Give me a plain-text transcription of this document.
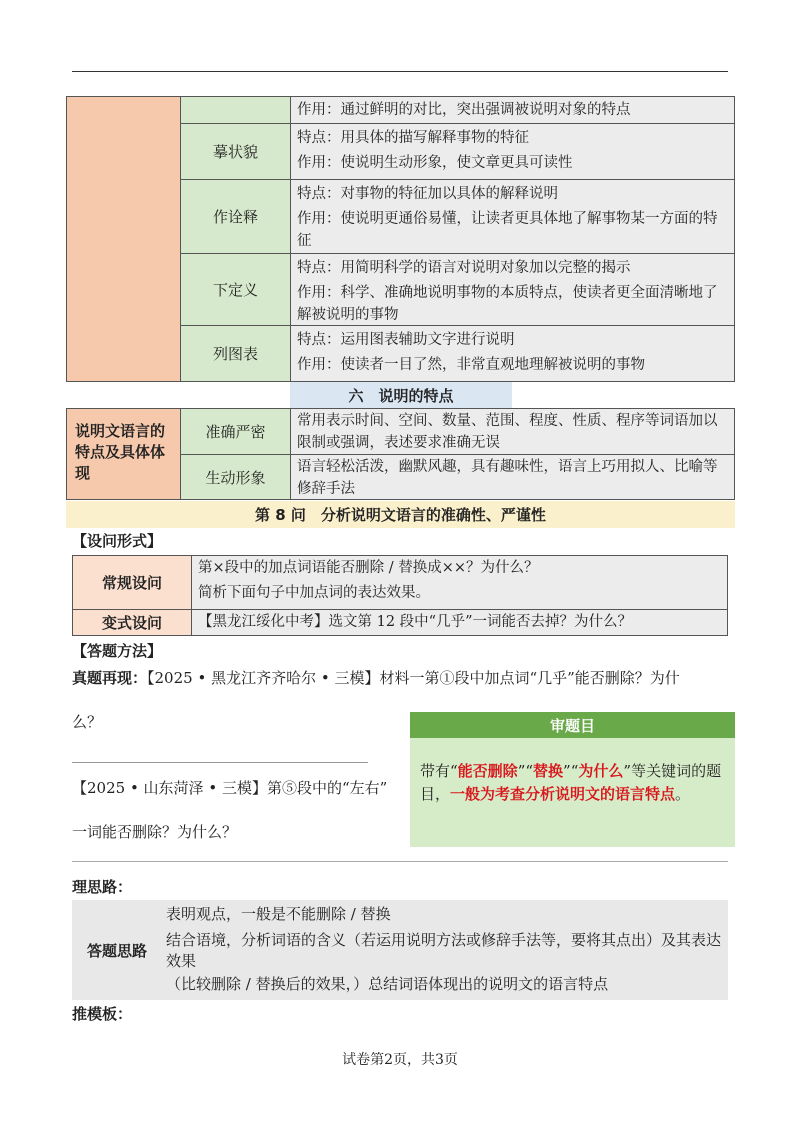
作用：通过鲜明的对比，突出强调被说明对象的特点

摹状貌

特点：用具体的描写解释事物的特征

作用：使说明生动形象，使文章更具可读性

作诠释

特点：对事物的特征加以具体的解释说明

作用：使说明更通俗易懂，让读者更具体地了解事物某一方面的特征

下定义

特点：用简明科学的语言对说明对象加以完整的揭示

作用：科学、准确地说明事物的本质特点，使读者更全面清晰地了解被说明的事物

列图表

特点：运用图表辅助文字进行说明

作用：使读者一目了然，非常直观地理解被说明的事物

六　说明的特点
说明文语言的特点及具体体现
准确严密

常用表示时间、空间、数量、范围、程度、性质、程序等词语加以限制或强调，表述要求准确无误

生动形象

语言轻松活泼，幽默风趣，具有趣味性，语言上巧用拟人、比喻等修辞手法

第 8 问　分析说明文语言的准确性、严谨性
【设问形式】
常规设问

第×段中的加点词语能否删除 / 替换成××？为什么？

简析下面句子中加点词的表达效果。

变式设问 【黑龙江绥化中考】选文第 12 段中“几乎”一词能否去掉？为什么？

【答题方法】
真题再现：【2025 • 黑龙江齐齐哈尔 • 三模】材料一第①段中加点词“几乎”能否删除？为什
么？
【2025 • 山东菏泽 • 三模】第⑤段中的“左右”
一词能否删除？为什么？
审题目
带有“能否删除”“替换”“为什么”等关键词的题目，一般为考查分析说明文的语言特点。
理思路：
答题思路
表明观点，一般是不能删除 / 替换
结合语境，分析词语的含义（若运用说明方法或修辞手法等，要将其点出）及其表达效果
（比较删除 / 替换后的效果，）总结词语体现出的说明文的语言特点
推模板：
试卷第2页，共3页
